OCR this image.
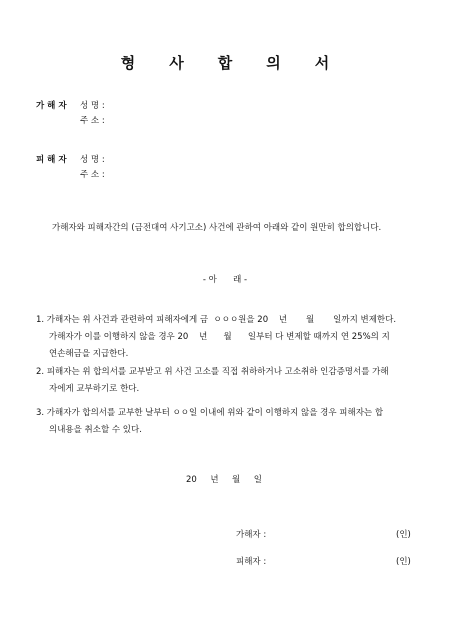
형 사 합 의 서
가 해 자	성 명 :
주 소 :
피 해 자	성 명 :
주 소 :
가해자와 피해자간의 (금전대여 사기고소) 사건에 관하여 아래와 같이 원만히 합의합니다.
- 아      래 -
1. 가해자는 위 사건과 관련하여 피해자에게 금  ㅇㅇㅇ원을 20    년       월       일까지 변제한다.
가해자가 이를 이행하지 않을 경우 20    년      월      일부터 다 변제할 때까지 연 25%의 지
연손해금을 지급한다.
2. 피해자는 위 합의서를 교부받고 위 사건 고소를 직접 취하하거나 고소취하 인감증명서를 가해
자에게 교부하기로 한다.
3. 가해자가 합의서를 교부한 날부터 ㅇㅇ일 이내에 위와 같이 이행하지 않을 경우 피해자는 합
의내용을 취소할 수 있다.
20     년     월     일
가해자 :	(인)
피해자 :	(인)
